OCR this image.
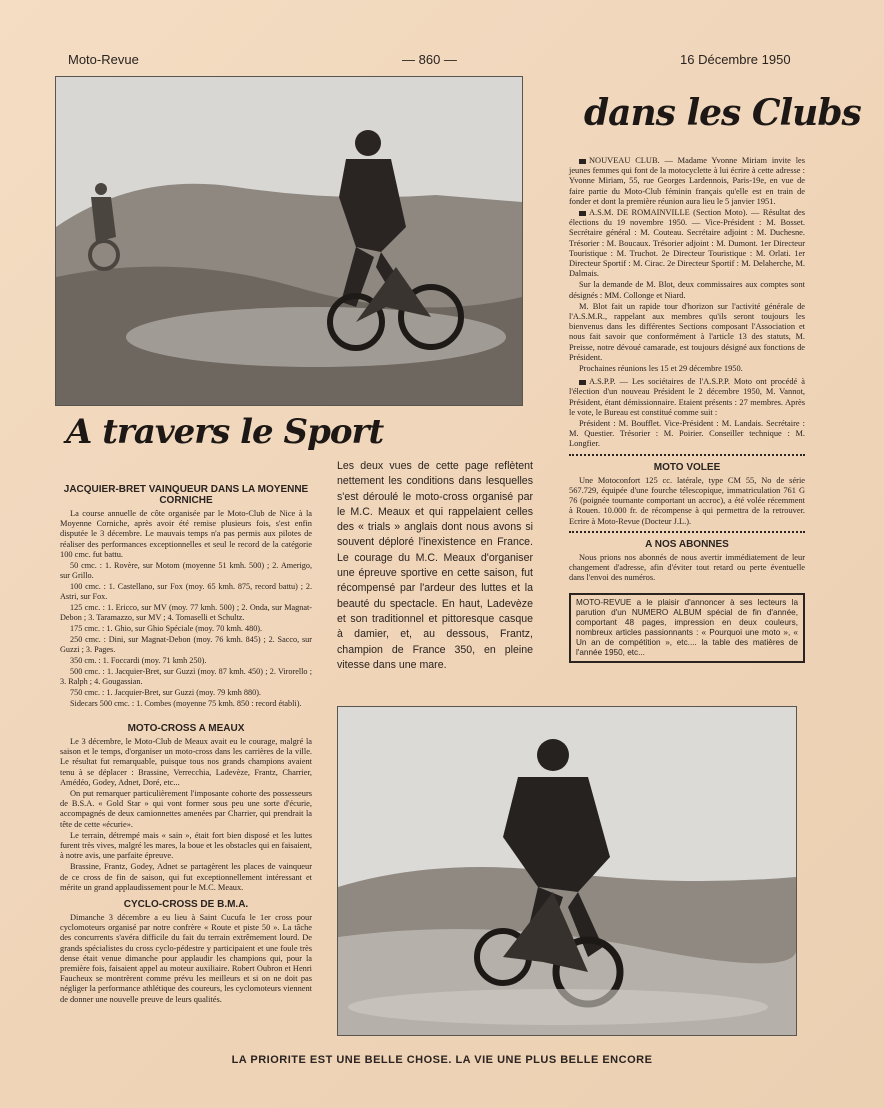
Moto-Revue	— 860 —	16 Décembre 1950
A travers le Sport
JACQUIER-BRET VAINQUEUR DANS LA MOYENNE CORNICHE

La course annuelle de côte organisée par le Moto-Club de Nice à la Moyenne Corniche, après avoir été remise plusieurs fois, s'est enfin disputée le 3 décembre. Le mauvais temps n'a pas permis aux pilotes de réaliser des performances exceptionnelles et seul le record de la catégorie 100 cmc. fut battu.

50 cmc. : 1. Rovère, sur Motom (moyenne 51 kmh. 500) ; 2. Amerigo, sur Grillo.

100 cmc. : 1. Castellano, sur Fox (moy. 65 kmh. 875, record battu) ; 2. Astri, sur Fox.

125 cmc. : 1. Ericco, sur MV (moy. 77 kmh. 500) ; 2. Onda, sur Magnat-Debon ; 3. Taramazzo, sur MV ; 4. Tomaselli et Schultz.

175 cmc. : 1. Ghio, sur Ghio Spéciale (moy. 70 kmh. 480).

250 cmc. : Dini, sur Magnat-Debon (moy. 76 kmh. 845) ; 2. Sacco, sur Guzzi ; 3. Pages.

350 cm. : 1. Foccardi (moy. 71 kmh 250).

500 cmc. : 1. Jacquier-Bret, sur Guzzi (moy. 87 kmh. 450) ; 2. Virorello ; 3. Ralph ; 4. Gougassian.

750 cmc. : 1. Jacquier-Bret, sur Guzzi (moy. 79 kmh 880).

Sidecars 500 cmc. : 1. Combes (moyenne 75 kmh. 850 : record établi).

MOTO-CROSS A MEAUX

Le 3 décembre, le Moto-Club de Meaux avait eu le courage, malgré la saison et le temps, d'organiser un moto-cross dans les carrières de la ville. Le résultat fut remarquable, puisque tous nos grands champions avaient tenu à se déplacer : Brassine, Verrecchia, Ladevèze, Frantz, Charrier, Amédéo, Godey, Adnet, Doré, etc...

On put remarquer particulièrement l'imposante cohorte des possesseurs de B.S.A. « Gold Star » qui vont former sous peu une sorte d'écurie, accompagnés de deux camionnettes amenées par Charrier, qui prendrait la tête de cette «écurie».

Le terrain, détrempé mais « sain », était fort bien disposé et les luttes furent très vives, malgré les mares, la boue et les obstacles qui en faisaient, à notre avis, une parfaite épreuve.

Brassine, Frantz, Godey, Adnet se partagèrent les places de vainqueur de ce cross de fin de saison, qui fut exceptionnellement intéressant et mérite un grand applaudissement pour le M.C. Meaux.

CYCLO-CROSS DE B.M.A.

Dimanche 3 décembre a eu lieu à Saint Cucufa le 1er cross pour cyclomoteurs organisé par notre confrère « Route et piste 50 ». La tâche des concurrents s'avéra difficile du fait du terrain extrêmement lourd. De grands spécialistes du cross cyclo-pédestre y participaient et une foule très dense était venue dimanche pour applaudir les champions qui, pour la première fois, faisaient appel au moteur auxiliaire. Robert Oubron et Henri Faucheux se montrèrent comme prévu les meilleurs et si on ne doit pas négliger la performance athlétique des coureurs, les cyclomoteurs viennent de donner une nouvelle preuve de leurs qualités.

Les deux vues de cette page reflètent nettement les conditions dans lesquelles s'est déroulé le moto-cross organisé par le M.C. Meaux et qui rappelaient celles des « trials » anglais dont nous avons si souvent déploré l'inexistence en France. Le courage du M.C. Meaux d'organiser une épreuve sportive en cette saison, fut récompensé par l'ardeur des luttes et la beauté du spectacle. En haut, Ladevèze et son traditionnel et pittoresque casque à damier, et, au dessous, Frantz, champion de France 350, en pleine vitesse dans une mare.
dans les Clubs

NOUVEAU CLUB. — Madame Yvonne Miriam invite les jeunes femmes qui font de la motocyclette à lui écrire à cette adresse : Yvonne Miriam, 55, rue Georges Lardennois, Paris-19e, en vue de faire partie du Moto-Club féminin français qu'elle est en train de fonder et dont la première réunion aura lieu le 5 janvier 1951.

A.S.M. DE ROMAINVILLE (Section Moto). — Résultat des élections du 19 novembre 1950. — Vice-Président : M. Bosset. Secrétaire général : M. Couteau. Secrétaire adjoint : M. Duchesne. Trésorier : M. Boucaux. Trésorier adjoint : M. Dumont. 1er Directeur Touristique : M. Truchot. 2e Directeur Touristique : M. Orlati. 1er Directeur Sportif : M. Cirac. 2e Directeur Sportif : M. Delaherche, M. Dalmais.

Sur la demande de M. Blot, deux commissaires aux comptes sont désignés : MM. Collonge et Niard.

M. Blot fait un rapide tour d'horizon sur l'activité générale de l'A.S.M.R., rappelant aux membres qu'ils seront toujours les bienvenus dans les différentes Sections composant l'Association et nous fait savoir que conformément à l'article 13 des statuts, M. Preisse, notre dévoué camarade, est toujours désigné aux fonctions de Président.

Prochaines réunions les 15 et 29 décembre 1950.

A.S.P.P. — Les sociétaires de l'A.S.P.P. Moto ont procédé à l'élection d'un nouveau Président le 2 décembre 1950, M. Vannot, Président, étant démissionnaire. Etaient présents : 27 membres. Après le vote, le Bureau est constitué comme suit :

Président : M. Boufflet. Vice-Président : M. Landais. Secrétaire : M. Questier. Trésorier : M. Poirier. Conseiller technique : M. Longfier.

MOTO VOLEE

Une Motoconfort 125 cc. latérale, type CM 55, No de série 567.729, équipée d'une fourche télescopique, immatriculation 761 G 76 (poignée tournante comportant un accroc), a été volée récemment à Rouen. 10.000 fr. de récompense à qui permettra de la retrouver. Ecrire à Moto-Revue (Docteur J.L.).

A NOS ABONNES

Nous prions nos abonnés de nous avertir immédiatement de leur changement d'adresse, afin d'éviter tout retard ou perte éventuelle dans l'envoi des numéros.

MOTO-REVUE a le plaisir d'annoncer à ses lecteurs la parution d'un NUMERO ALBUM spécial de fin d'année, comportant 48 pages, impression en deux couleurs, nombreux articles passionnants : « Pourquoi une moto », « Un an de compétition », etc.... la table des matières de l'année 1950, etc...
LA PRIORITE EST UNE BELLE CHOSE. LA VIE UNE PLUS BELLE ENCORE
